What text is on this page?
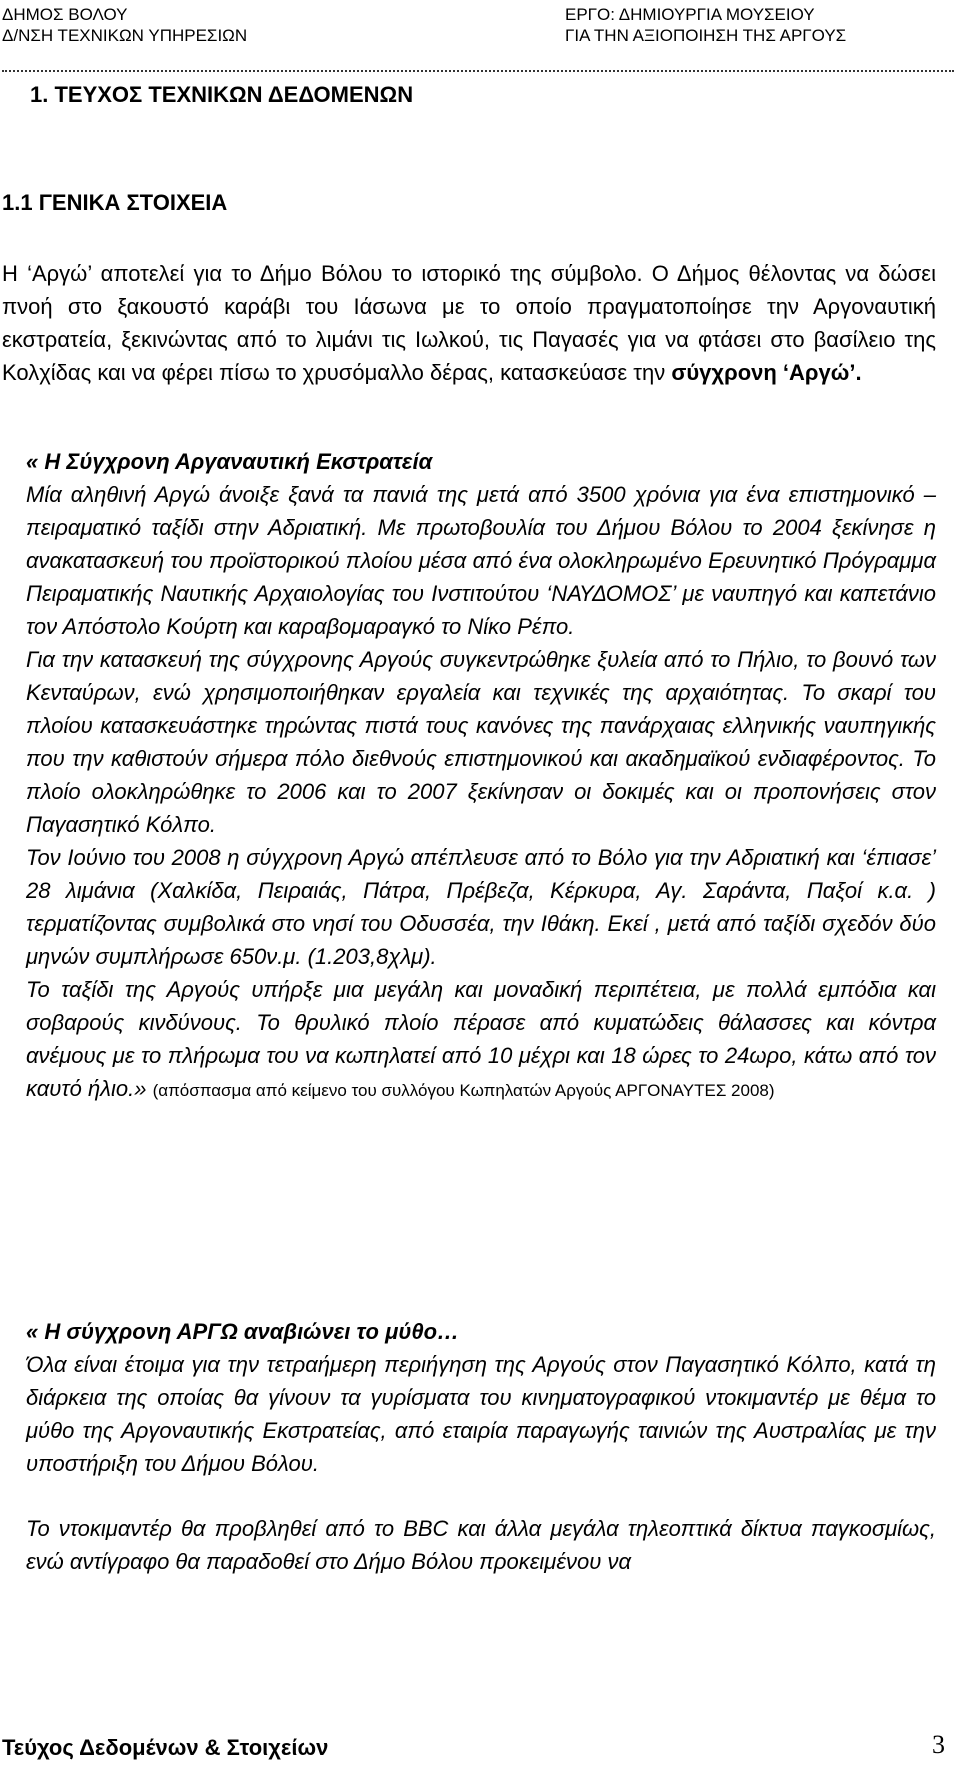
ΔΗΜΟΣ ΒΟΛΟΥ
Δ/ΝΣΗ ΤΕΧΝΙΚΩΝ ΥΠΗΡΕΣΙΩΝ
ΕΡΓΟ: ΔΗΜΙΟΥΡΓΙΑ ΜΟΥΣΕΙΟΥ
ΓΙΑ ΤΗΝ ΑΞΙΟΠΟΙΗΣΗ ΤΗΣ ΑΡΓΟΥΣ
1. ΤΕΥΧΟΣ ΤΕΧΝΙΚΩΝ ΔΕΔΟΜΕΝΩΝ
1.1 ΓΕΝΙΚΑ ΣΤΟΙΧΕΙΑ

Η ‘Αργώ’ αποτελεί για το Δήμο Βόλου το ιστορικό της σύμβολο. Ο Δήμος θέλοντας να δώσει πνοή στο ξακουστό καράβι του Ιάσωνα με το οποίο πραγματοποίησε την Αργοναυτική εκστρατεία, ξεκινώντας από το λιμάνι τις Ιωλκού, τις Παγασές για να φτάσει στο βασίλειο της Κολχίδας και να φέρει πίσω το χρυσόμαλλο δέρας, κατασκεύασε την σύγχρονη ‘Αργώ’.

« Η Σύγχρονη Αργαναυτική Εκστρατεία

Μία αληθινή Αργώ άνοιξε ξανά τα πανιά της μετά από 3500 χρόνια για ένα επιστημονικό – πειραματικό ταξίδι στην Αδριατική. Με πρωτοβουλία του Δήμου Βόλου το 2004 ξεκίνησε η ανακατασκευή του προϊστορικού πλοίου μέσα από ένα ολοκληρωμένο Ερευνητικό Πρόγραμμα Πειραματικής Ναυτικής Αρχαιολογίας του Ινστιτούτου ‘ΝΑΥΔΟΜΟΣ’ με ναυπηγό και καπετάνιο τον Απόστολο Κούρτη και καραβομαραγκό το Νίκο Ρέπο.

Για την κατασκευή της σύγχρονης Αργούς συγκεντρώθηκε ξυλεία από το Πήλιο, το βουνό των Κενταύρων, ενώ χρησιμοποιήθηκαν εργαλεία και τεχνικές της αρχαιότητας. Το σκαρί του πλοίου κατασκευάστηκε τηρώντας πιστά τους κανόνες της πανάρχαιας ελληνικής ναυπηγικής που την καθιστούν σήμερα πόλο διεθνούς επιστημονικού και ακαδημαϊκού ενδιαφέροντος. Το πλοίο ολοκληρώθηκε το 2006 και το 2007 ξεκίνησαν οι δοκιμές και οι προπονήσεις στον Παγασητικό Κόλπο.

Τον Ιούνιο του 2008 η σύγχρονη Αργώ απέπλευσε από το Βόλο για την Αδριατική και ‘έπιασε’ 28 λιμάνια (Χαλκίδα, Πειραιάς, Πάτρα, Πρέβεζα, Κέρκυρα, Αγ. Σαράντα, Παξοί κ.α. ) τερματίζοντας συμβολικά στο νησί του Οδυσσέα, την Ιθάκη. Εκεί , μετά από ταξίδι σχεδόν δύο μηνών συμπλήρωσε 650ν.μ. (1.203,8χλμ).

Το ταξίδι της Αργούς υπήρξε μια μεγάλη και μοναδική περιπέτεια, με πολλά εμπόδια και σοβαρούς κινδύνους. Το θρυλικό πλοίο πέρασε από κυματώδεις θάλασσες και κόντρα ανέμους με το πλήρωμα του να κωπηλατεί από 10 μέχρι και 18 ώρες το 24ωρο, κάτω από τον καυτό ήλιο.» (απόσπασμα από κείμενο του συλλόγου Κωπηλατών Αργούς ΑΡΓΟΝΑΥΤΕΣ 2008)

« Η σύγχρονη ΑΡΓΩ αναβιώνει το μύθο…

Όλα είναι έτοιμα για την τετραήμερη περιήγηση της Αργούς στον Παγασητικό Κόλπο, κατά τη διάρκεια της οποίας θα γίνουν τα γυρίσματα του κινηματογραφικού ντοκιμαντέρ με θέμα το μύθο της Αργοναυτικής Εκστρατείας, από εταιρία παραγωγής ταινιών της Αυστραλίας με την υποστήριξη του Δήμου Βόλου.

Το ντοκιμαντέρ θα προβληθεί από το BBC και άλλα μεγάλα τηλεοπτικά δίκτυα παγκοσμίως, ενώ αντίγραφο θα παραδοθεί στο Δήμο Βόλου προκειμένου να

Τεύχος Δεδομένων & Στοιχείων	3
